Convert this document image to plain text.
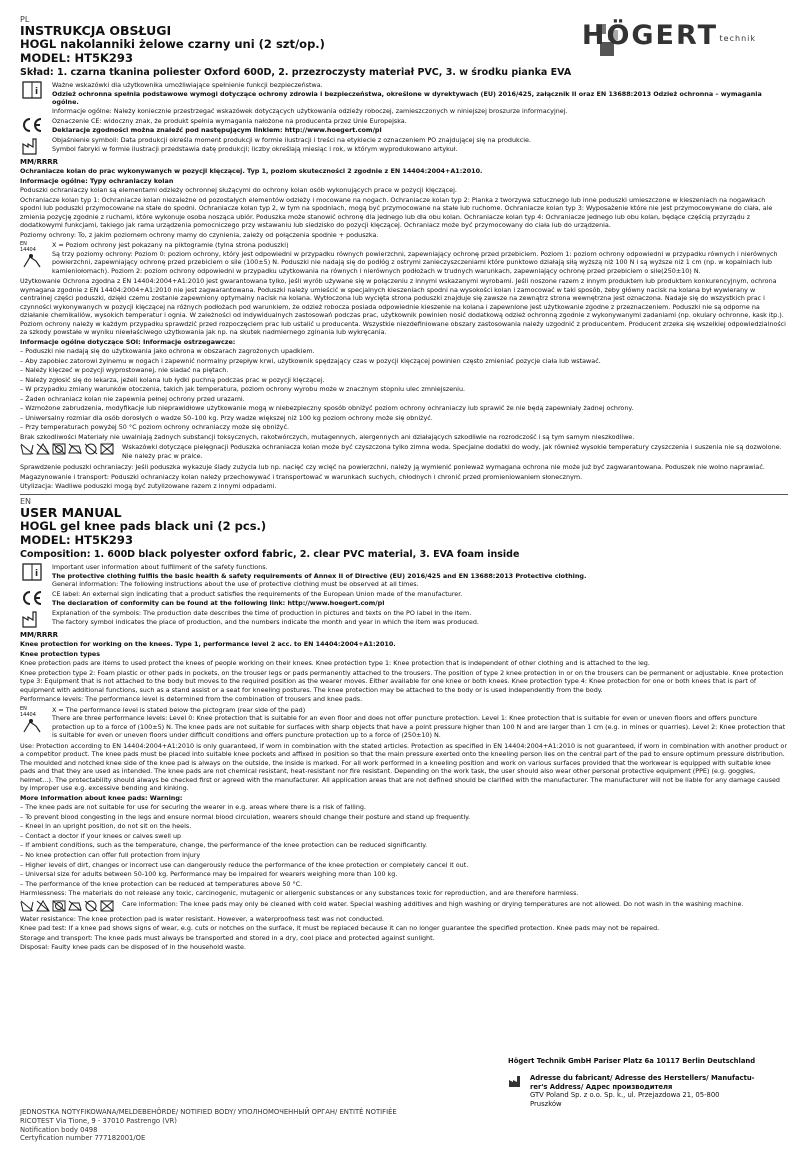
HÖGERT technik
PL
INSTRUKCJA OBSŁUGI
HOGL nakolanniki żelowe czarny uni (2 szt/op.)
MODEL: HT5K293
Skład: 1. czarna tkanina poliester Oxford 600D, 2. przezroczysty materiał PVC, 3. w środku pianka EVA
i
Ważne wskazówki dla użytkownika umożliwiające spełnienie funkcji bezpieczeństwa.
Odzież ochronna spełnia podstawowe wymogi dotyczące ochrony zdrowia i bezpieczeństwa, określone w dyrektywach (EU) 2016/425, załącznik II oraz EN 13688:2013 Odzież ochronna – wymagania ogólne.
Informacje ogólne: Należy koniecznie przestrzegać wskazówek dotyczących użytkowania odzieży roboczej, zamieszczonych w niniejszej broszurze informacyjnej.
Oznaczenie CE: widoczny znak, że produkt spełnia wymagania nałożone na producenta przez Unie Europejska.
Deklaracje zgodności można znaleźć pod następującym linkiem: http://www.hoegert.com/pl
Objaśnienie symboli: Data produkcji określa moment produkcji w formie ilustracji i treści na etykiecie z oznaczeniem PO znajdującej się na produkcie.
Symbol fabryki w formie ilustracji przedstawia datę produkcji; liczby określają miesiąc i rok, w którym wyprodukowano artykuł.
MM/RRRR
Ochraniacze kolan do prac wykonywanych w pozycji klęczącej. Typ 1, poziom skuteczności 2 zgodnie z EN 14404:2004+A1:2010.
Informacje ogólne: Typy ochraniaczy kolan
Poduszki ochraniaczy kolan są elementami odzieży ochronnej służącymi do ochrony kolan osób wykonujących prace w pozycji klęczącej.
Ochraniacze kolan typ 1: Ochraniacze kolan niezależne od pozostałych elementów odzieży i mocowane na nogach. Ochraniacze kolan typ 2: Pianka z tworzywa sztucznego lub inne poduszki umieszczone w kieszeniach na nogawkach spodni lub poduszki przymocowane na stałe do spodni. Ochraniacze kolan typ 2, w tym na spodniach, mogą być przymocowane na stałe lub ruchome. Ochraniacze kolan typ 3: Wyposażenie które nie jest przymocowywane do ciała, ale zmienia pozycję zgodnie z ruchami, które wykonuje osoba nosząca ubiór. Poduszka może stanowić ochronę dla jednego lub dla obu kolan. Ochraniacze kolan typ 4: Ochraniacze jednego lub obu kolan, będące częścią przyrządu z dodatkowymi funkcjami, takiego jak rama urządzenia pomocniczego przy wstawaniu lub siedzisko do pozycji klęczącej. Ochraniacz może być przymocowany do ciała lub do urządzenia.
Poziomy ochrony: To, z jakim poziomem ochrony mamy do czynienia, zależy od połączenia spodnie + poduszka.
EN 14404
X = Poziom ochrony jest pokazany na piktogramie (tylna strona poduszki)
Są trzy poziomy ochrony: Poziom 0: poziom ochrony, który jest odpowiedni w przypadku równych powierzchni, zapewniający ochronę przed przebiciem. Poziom 1: poziom ochrony odpowiedni w przypadku równych i nierównych powierzchni, zapewniający ochronę przed przebiciem o sile (100±5) N. Poduszki nie nadają się do podłóg z ostrymi zanieczyszczeniami które punktowo działają siłą wyższą niż 100 N i są wyższe niż 1 cm (np. w kopalniach lub kamieniołomach). Poziom 2: poziom ochrony odpowiedni w przypadku użytkowania na równych i nierównych podłożach w trudnych warunkach, zapewniający ochronę przed przebiciem o sile(250±10) N.
Użytkowanie Ochrona zgodna z EN 14404:2004+A1:2010 jest gwarantowana tylko, jeśli wyrób używane się w połączeniu z innymi wskazanymi wyrobami. Jeśli noszone razem z innym produktem lub produktem konkurencyjnym, ochrona wymagana zgodnie z EN 14404:2004+A1:2010 nie jest zagwarantowana. Poduszki należy umieścić w specjalnych kieszeniach spodni na wysokości kolan i zamocować w taki sposób, żeby główny nacisk na kolana był wywierany w centralnej części poduszki, dzięki czemu zostanie zapewniony optymalny nacisk na kolana. Wytłoczona lub wycięta strona poduszki znajduje się zawsze na zewnątrz strona wewnętrzna jest oznaczona. Nadaje się do wszystkich prac i czynności wykonywanych w pozycji klęczącej na różnych podłożach pod warunkiem, że odzież robocza posiada odpowiednie kieszenie na kolana i zapewnione jest użytkowanie zgodne z przeznaczeniem. Poduszki nie są odporne na działanie chemikaliów, wysokich temperatur i ognia. W zależności od indywidualnych zastosowań podczas prac, użytkownik powinien nosić dodatkową odzież ochronną zgodnie z wykonywanymi zadaniami (np. okulary ochronne, kask itp.). Poziom ochrony należy w każdym przypadku sprawdzić przed rozpoczęciem prac lub ustalić u producenta. Wszystkie niezdefiniowane obszary zastosowania należy uzgodnić z producentem. Producent zrzeka się wszelkiej odpowiedzialności za szkody powstałe w wyniku niewłaściwego użytkowania jak np. na skutek nadmiernego zginania lub wykręcania.
Informacje ogólne dotyczące SOI: Informacje ostrzegawcze:
– Poduszki nie nadają się do użytkowania jako ochrona w obszarach zagrożonych upadkiem.
– Aby zapobiec zatorowi żylnemu w nogach i zapewnić normalny przepływ krwi, użytkownik spędzający czas w pozycji klęczącej powinien często zmieniać pozycje ciała lub wstawać.
– Należy klęczeć w pozycji wyprostowanej, nie siadać na piętach.
– Należy zgłosić się do lekarza, jeżeli kolana lub łydki puchną podczas prac w pozycji klęczącej.
– W przypadku zmiany warunków otoczenia, takich jak temperatura, poziom ochrony wyrobu może w znacznym stopniu ulec zmniejszeniu.
– Żaden ochraniacz kolan nie zapewnia pełnej ochrony przed urazami.
– Wzmożone zabrudzenia, modyfikacje lub nieprawidłowe użytkowanie mogą w niebezpieczny sposób obniżyć poziom ochrony ochraniaczy lub sprawić że nie będą zapewniały żadnej ochrony.
– Uniwersalny rozmiar dla osób dorosłych o wadze 50–100 kg. Przy wadze większej niż 100 kg poziom ochrony może się obniżyć.
– Przy temperaturach powyżej 50 °C poziom ochrony ochraniaczy może się obniżyć.
Brak szkodliwości Materiały nie uwalniają żadnych substancji toksycznych, rakotwórczych, mutagennych, alergennych ani działających szkodliwie na rozrodczość i są tym samym nieszkodliwe.
Wskazówki dotyczące pielęgnacji Poduszka ochraniacza kolan może być czyszczona tylko zimna woda. Specjalne dodatki do wody, jak również wysokie temperatury czyszczenia i suszenia nie są dozwolone. Nie należy prac w pralce.
Sprawdzenie poduszki ochraniaczy: Jeśli poduszka wykazuje ślady zużycia lub np. nacięć czy wcięć na powierzchni, należy ją wymienić ponieważ wymagana ochrona nie może już być zagwarantowana. Poduszek nie wolno naprawiać.
Magazynowanie i transport: Poduszki ochraniaczy kolan należy przechowywać i transportować w warunkach suchych, chłodnych i chronić przed promieniowaniem słonecznym.
Utylizacja: Wadliwe poduszki mogą być zutylizowane razem z innymi odpadami.
EN
USER MANUAL
HOGL gel knee pads black uni (2 pcs.)
MODEL: HT5K293
Composition: 1. 600D black polyester oxford fabric, 2. clear PVC material, 3. EVA foam inside
i
Important user information about fulfilment of the safety functions.
The protective clothing fulfils the basic health & safety requirements of Annex II of Directive (EU) 2016/425 and EN 13688:2013 Protective clothing.
General information: The following instructions about the use of protective clothing must be observed at all times.
CE label: An external sign indicating that a product satisfies the requirements of the European Union made of the manufacturer.
The declaration of conformity can be found at the following link: http://www.hoegert.com/pl
Explanation of the symbols: The production date describes the time of production in pictures and texts on the PO label in the item.
The factory symbol indicates the place of production, and the numbers indicate the month and year in which the item was produced.
MM/RRRR
Knee protection for working on the knees. Type 1, performance level 2 acc. to EN 14404:2004+A1:2010.
Knee protection types
Knee protection pads are items to used protect the knees of people working on their knees. Knee protection type 1: Knee protection that is independent of other clothing and is attached to the leg.
Knee protection type 2: Foam plastic or other pads in pockets, on the trouser legs or pads permanently attached to the trousers. The position of type 2 knee protection in or on the trousers can be permanent or adjustable. Knee protection type 3: Equipment that is not attached to the body but moves to the required position as the wearer moves. Either available for one knee or both knees. Knee protection type 4: Knee protection for one or both knees that is part of equipment with additional functions, such as a stand assist or a seat for kneeling postures. The knee protection may be attached to the body or is used independently from the body.
Performance levels: The performance level is determined from the combination of trousers and knee pads.
EN 14404
X = The performance level is stated below the pictogram (rear side of the pad)
There are three performance levels: Level 0: Knee protection that is suitable for an even floor and does not offer puncture protection. Level 1: Knee protection that is suitable for even or uneven floors and offers puncture protection up to a force of (100±5) N. The knee pads are not suitable for surfaces with sharp objects that have a point pressure higher than 100 N and are larger than 1 cm (e.g. in mines or quarries). Level 2: Knee protection that is suitable for even or uneven floors under difficult conditions and offers puncture protection up to a force of (250±10) N.
Use: Protection according to EN 14404:2004+A1:2010 is only guaranteed, if worn in combination with the stated articles. Protection as specified in EN 14404:2004+A1:2010 is not guaranteed, if worn in combination with another product or a competitor product. The knee pads must be placed into suitable knee pockets and affixed in position so that the main pressure exerted onto the kneeling person lies on the central part of the pad to ensure optimum pressure distribution. The moulded and notched knee side of the knee pad is always on the outside, the inside is marked. For all work performed in a kneeling position and work on various surfaces provided that the workwear is equipped with suitable knee pads and that they are used as intended. The knee pads are not chemical resistant, heat-resistant nor fire resistant. Depending on the work task, the user should also wear other personal protective equipment (PPE) (e.g. goggles, helmet...). The protectability should always be checked first or agreed with the manufacturer. All application areas that are not defined should be clarified with the manufacturer. The manufacturer will not be liable for any damage caused by improper use e.g. excessive bending and kinking.
More information about knee pads: Warning:
– The knee pads are not suitable for use for securing the wearer in e.g. areas where there is a risk of falling.
– To prevent blood congesting in the legs and ensure normal blood circulation, wearers should change their posture and stand up frequently.
– Kneel in an upright position, do not sit on the heels.
– Contact a doctor if your knees or calves swell up
– If ambient conditions, such as the temperature, change, the performance of the knee protection can be reduced significantly.
– No knee protection can offer full protection from injury
– Higher levels of dirt, changes or incorrect use can dangerously reduce the performance of the knee protection or completely cancel it out.
– Universal size for adults between 50-100 kg. Performance may be impaired for wearers weighing more than 100 kg.
– The performance of the knee protection can be reduced at temperatures above 50 °C.
Harmlessness: The materials do not release any toxic, carcinogenic, mutagenic or allergenic substances or any substances toxic for reproduction, and are therefore harmless.
Care information: The knee pads may only be cleaned with cold water. Special washing additives and high washing or drying temperatures are not allowed. Do not wash in the washing machine.
Water resistance: The knee protection pad is water resistant. However, a waterproofness test was not conducted.
Knee pad test: If a knee pad shows signs of wear, e.g. cuts or notches on the surface, it must be replaced because it can no longer guarantee the specified protection. Knee pads may not be repaired.
Storage and transport: The knee pads must always be transported and stored in a dry, cool place and protected against sunlight.
Disposal: Faulty knee pads can be disposed of in the household waste.
Högert Technik GmbH Pariser Platz 6a 10117 Berlin Deutschland
Adresse du fabricant/ Adresse des Herstellers/ Manufactu-
rer's Address/ Адрес производителя
GTV Poland Sp. z o.o. Sp. k., ul. Przejazdowa 21, 05-800
Pruszków
JEDNOSTKA NOTYFIKOWANA/MELDEBEHÖRDE/ NOTIFIED BODY/ УПОЛНОМОЧЕННЫЙ ОРГАН/ ENTITÉ NOTIFIÉE
RICOTEST Via Tione, 9 - 37010 Pastrengo (VR)
Notification body 0498
Certyfication number 777182001/OE
